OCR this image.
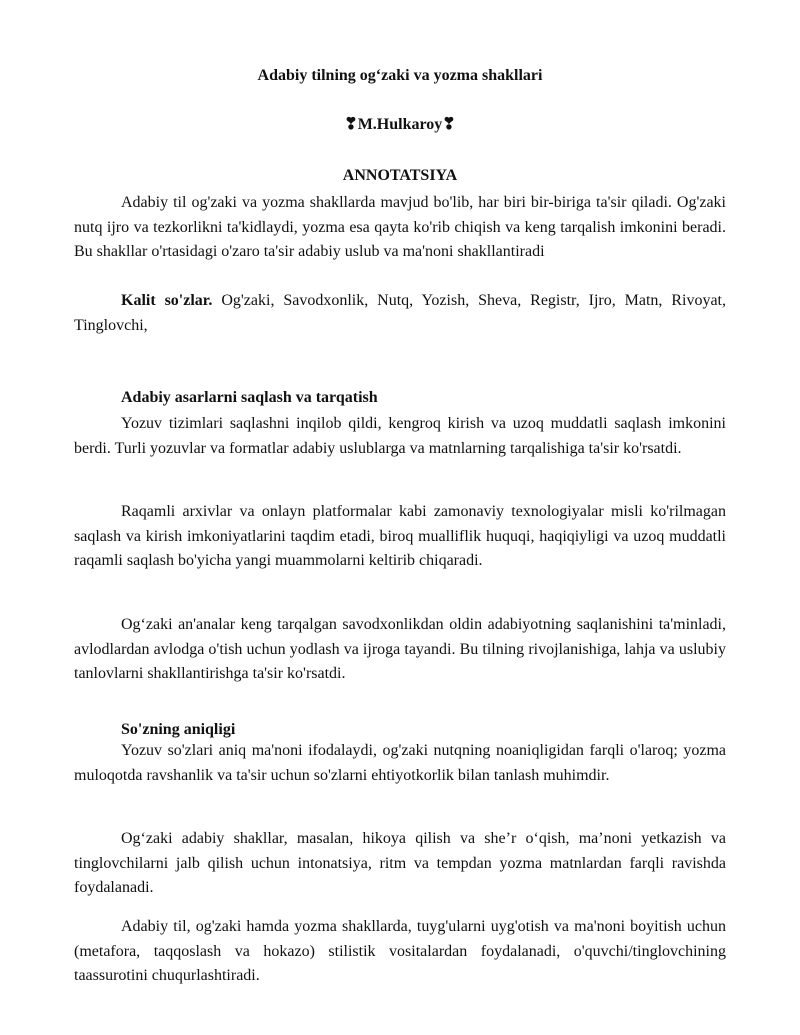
Adabiy tilning og‘zaki va yozma shakllari
❣M.Hulkaroy❣
ANNOTATSIYA

Adabiy til og'zaki va yozma shakllarda mavjud bo'lib, har biri bir-biriga ta'sir qiladi. Og'zaki nutq ijro va tezkorlikni ta'kidlaydi, yozma esa qayta ko'rib chiqish va keng tarqalish imkonini beradi. Bu shakllar o'rtasidagi o'zaro ta'sir adabiy uslub va ma'noni shakllantiradi

Kalit so'zlar. Og'zaki, Savodxonlik, Nutq, Yozish, Sheva, Registr, Ijro, Matn, Rivoyat, Tinglovchi,

Adabiy asarlarni saqlash va tarqatish

Yozuv tizimlari saqlashni inqilob qildi, kengroq kirish va uzoq muddatli saqlash imkonini berdi. Turli yozuvlar va formatlar adabiy uslublarga va matnlarning tarqalishiga ta'sir ko'rsatdi.

Raqamli arxivlar va onlayn platformalar kabi zamonaviy texnologiyalar misli ko'rilmagan saqlash va kirish imkoniyatlarini taqdim etadi, biroq mualliflik huquqi, haqiqiyligi va uzoq muddatli raqamli saqlash bo'yicha yangi muammolarni keltirib chiqaradi.

Og‘zaki an'analar keng tarqalgan savodxonlikdan oldin adabiyotning saqlanishini ta'minladi, avlodlardan avlodga o'tish uchun yodlash va ijroga tayandi. Bu tilning rivojlanishiga, lahja va uslubiy tanlovlarni shakllantirishga ta'sir ko'rsatdi.

So'zning aniqligi

Yozuv so'zlari aniq ma'noni ifodalaydi, og'zaki nutqning noaniqligidan farqli o'laroq; yozma muloqotda ravshanlik va ta'sir uchun so'zlarni ehtiyotkorlik bilan tanlash muhimdir.

Og‘zaki adabiy shakllar, masalan, hikoya qilish va she’r o‘qish, ma’noni yetkazish va tinglovchilarni jalb qilish uchun intonatsiya, ritm va tempdan yozma matnlardan farqli ravishda foydalanadi.

Adabiy til, og'zaki hamda yozma shakllarda, tuyg'ularni uyg'otish va ma'noni boyitish uchun (metafora, taqqoslash va hokazo) stilistik vositalardan foydalanadi, o'quvchi/tinglovchining taassurotini chuqurlashtiradi.
